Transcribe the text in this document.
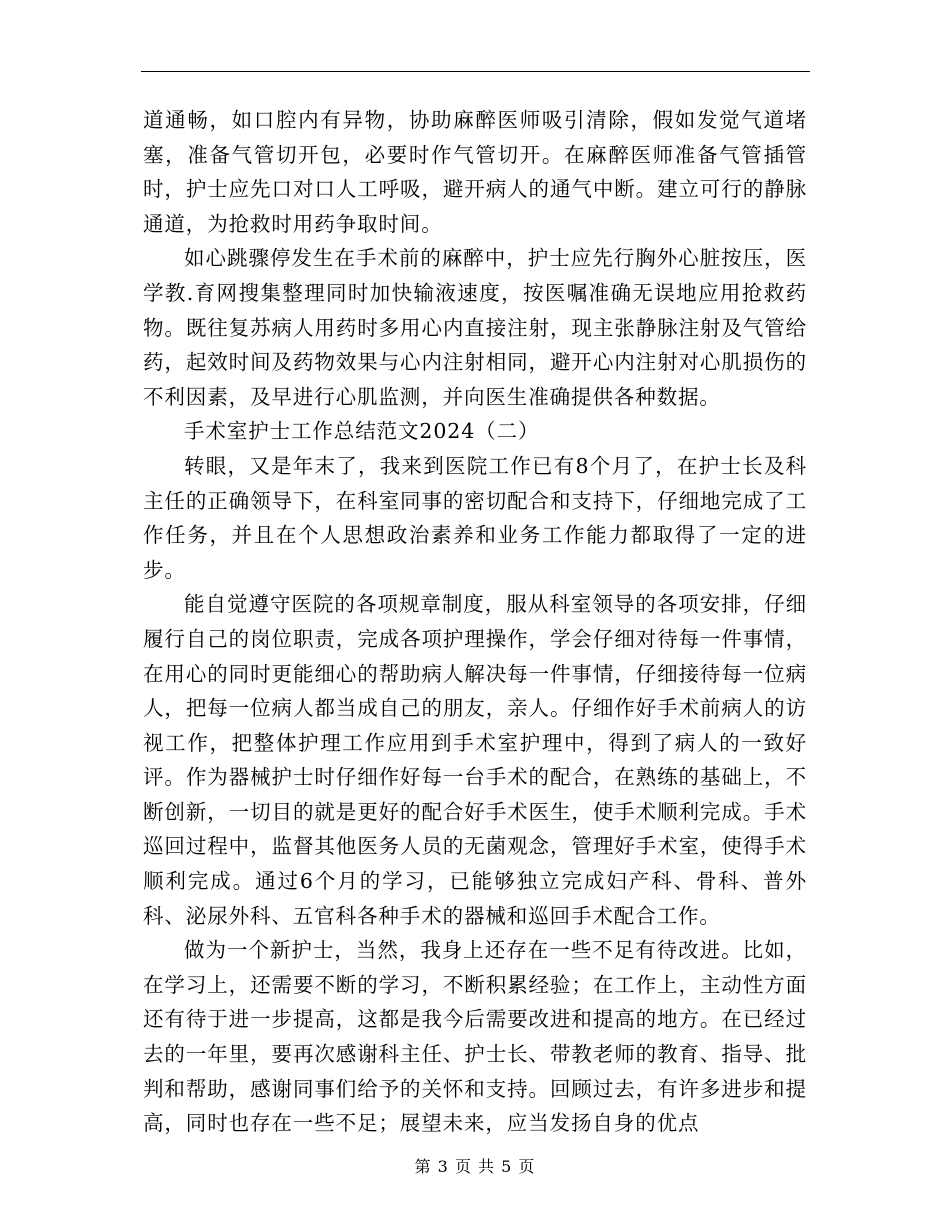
道通畅，如口腔内有异物，协助麻醉医师吸引清除，假如发觉气道堵塞，准备气管切开包，必要时作气管切开。在麻醉医师准备气管插管时，护士应先口对口人工呼吸，避开病人的通气中断。建立可行的静脉通道，为抢救时用药争取时间。

如心跳骤停发生在手术前的麻醉中，护士应先行胸外心脏按压，医学教.育网搜集整理同时加快输液速度，按医嘱准确无误地应用抢救药物。既往复苏病人用药时多用心内直接注射，现主张静脉注射及气管给药，起效时间及药物效果与心内注射相同，避开心内注射对心肌损伤的不利因素，及早进行心肌监测，并向医生准确提供各种数据。

手术室护士工作总结范文2024（二）

转眼，又是年末了，我来到医院工作已有8个月了，在护士长及科主任的正确领导下，在科室同事的密切配合和支持下，仔细地完成了工作任务，并且在个人思想政治素养和业务工作能力都取得了一定的进步。

能自觉遵守医院的各项规章制度，服从科室领导的各项安排，仔细履行自己的岗位职责，完成各项护理操作，学会仔细对待每一件事情，在用心的同时更能细心的帮助病人解决每一件事情，仔细接待每一位病人，把每一位病人都当成自己的朋友，亲人。仔细作好手术前病人的访视工作，把整体护理工作应用到手术室护理中，得到了病人的一致好评。作为器械护士时仔细作好每一台手术的配合，在熟练的基础上，不断创新，一切目的就是更好的配合好手术医生，使手术顺利完成。手术巡回过程中，监督其他医务人员的无菌观念，管理好手术室，使得手术顺利完成。通过6个月的学习，已能够独立完成妇产科、骨科、普外科、泌尿外科、五官科各种手术的器械和巡回手术配合工作。

做为一个新护士，当然，我身上还存在一些不足有待改进。比如，在学习上，还需要不断的学习，不断积累经验；在工作上，主动性方面还有待于进一步提高，这都是我今后需要改进和提高的地方。在已经过去的一年里，要再次感谢科主任、护士长、带教老师的教育、指导、批判和帮助，感谢同事们给予的关怀和支持。回顾过去，有许多进步和提高，同时也存在一些不足；展望未来，应当发扬自身的优点

第 3 页 共 5 页
